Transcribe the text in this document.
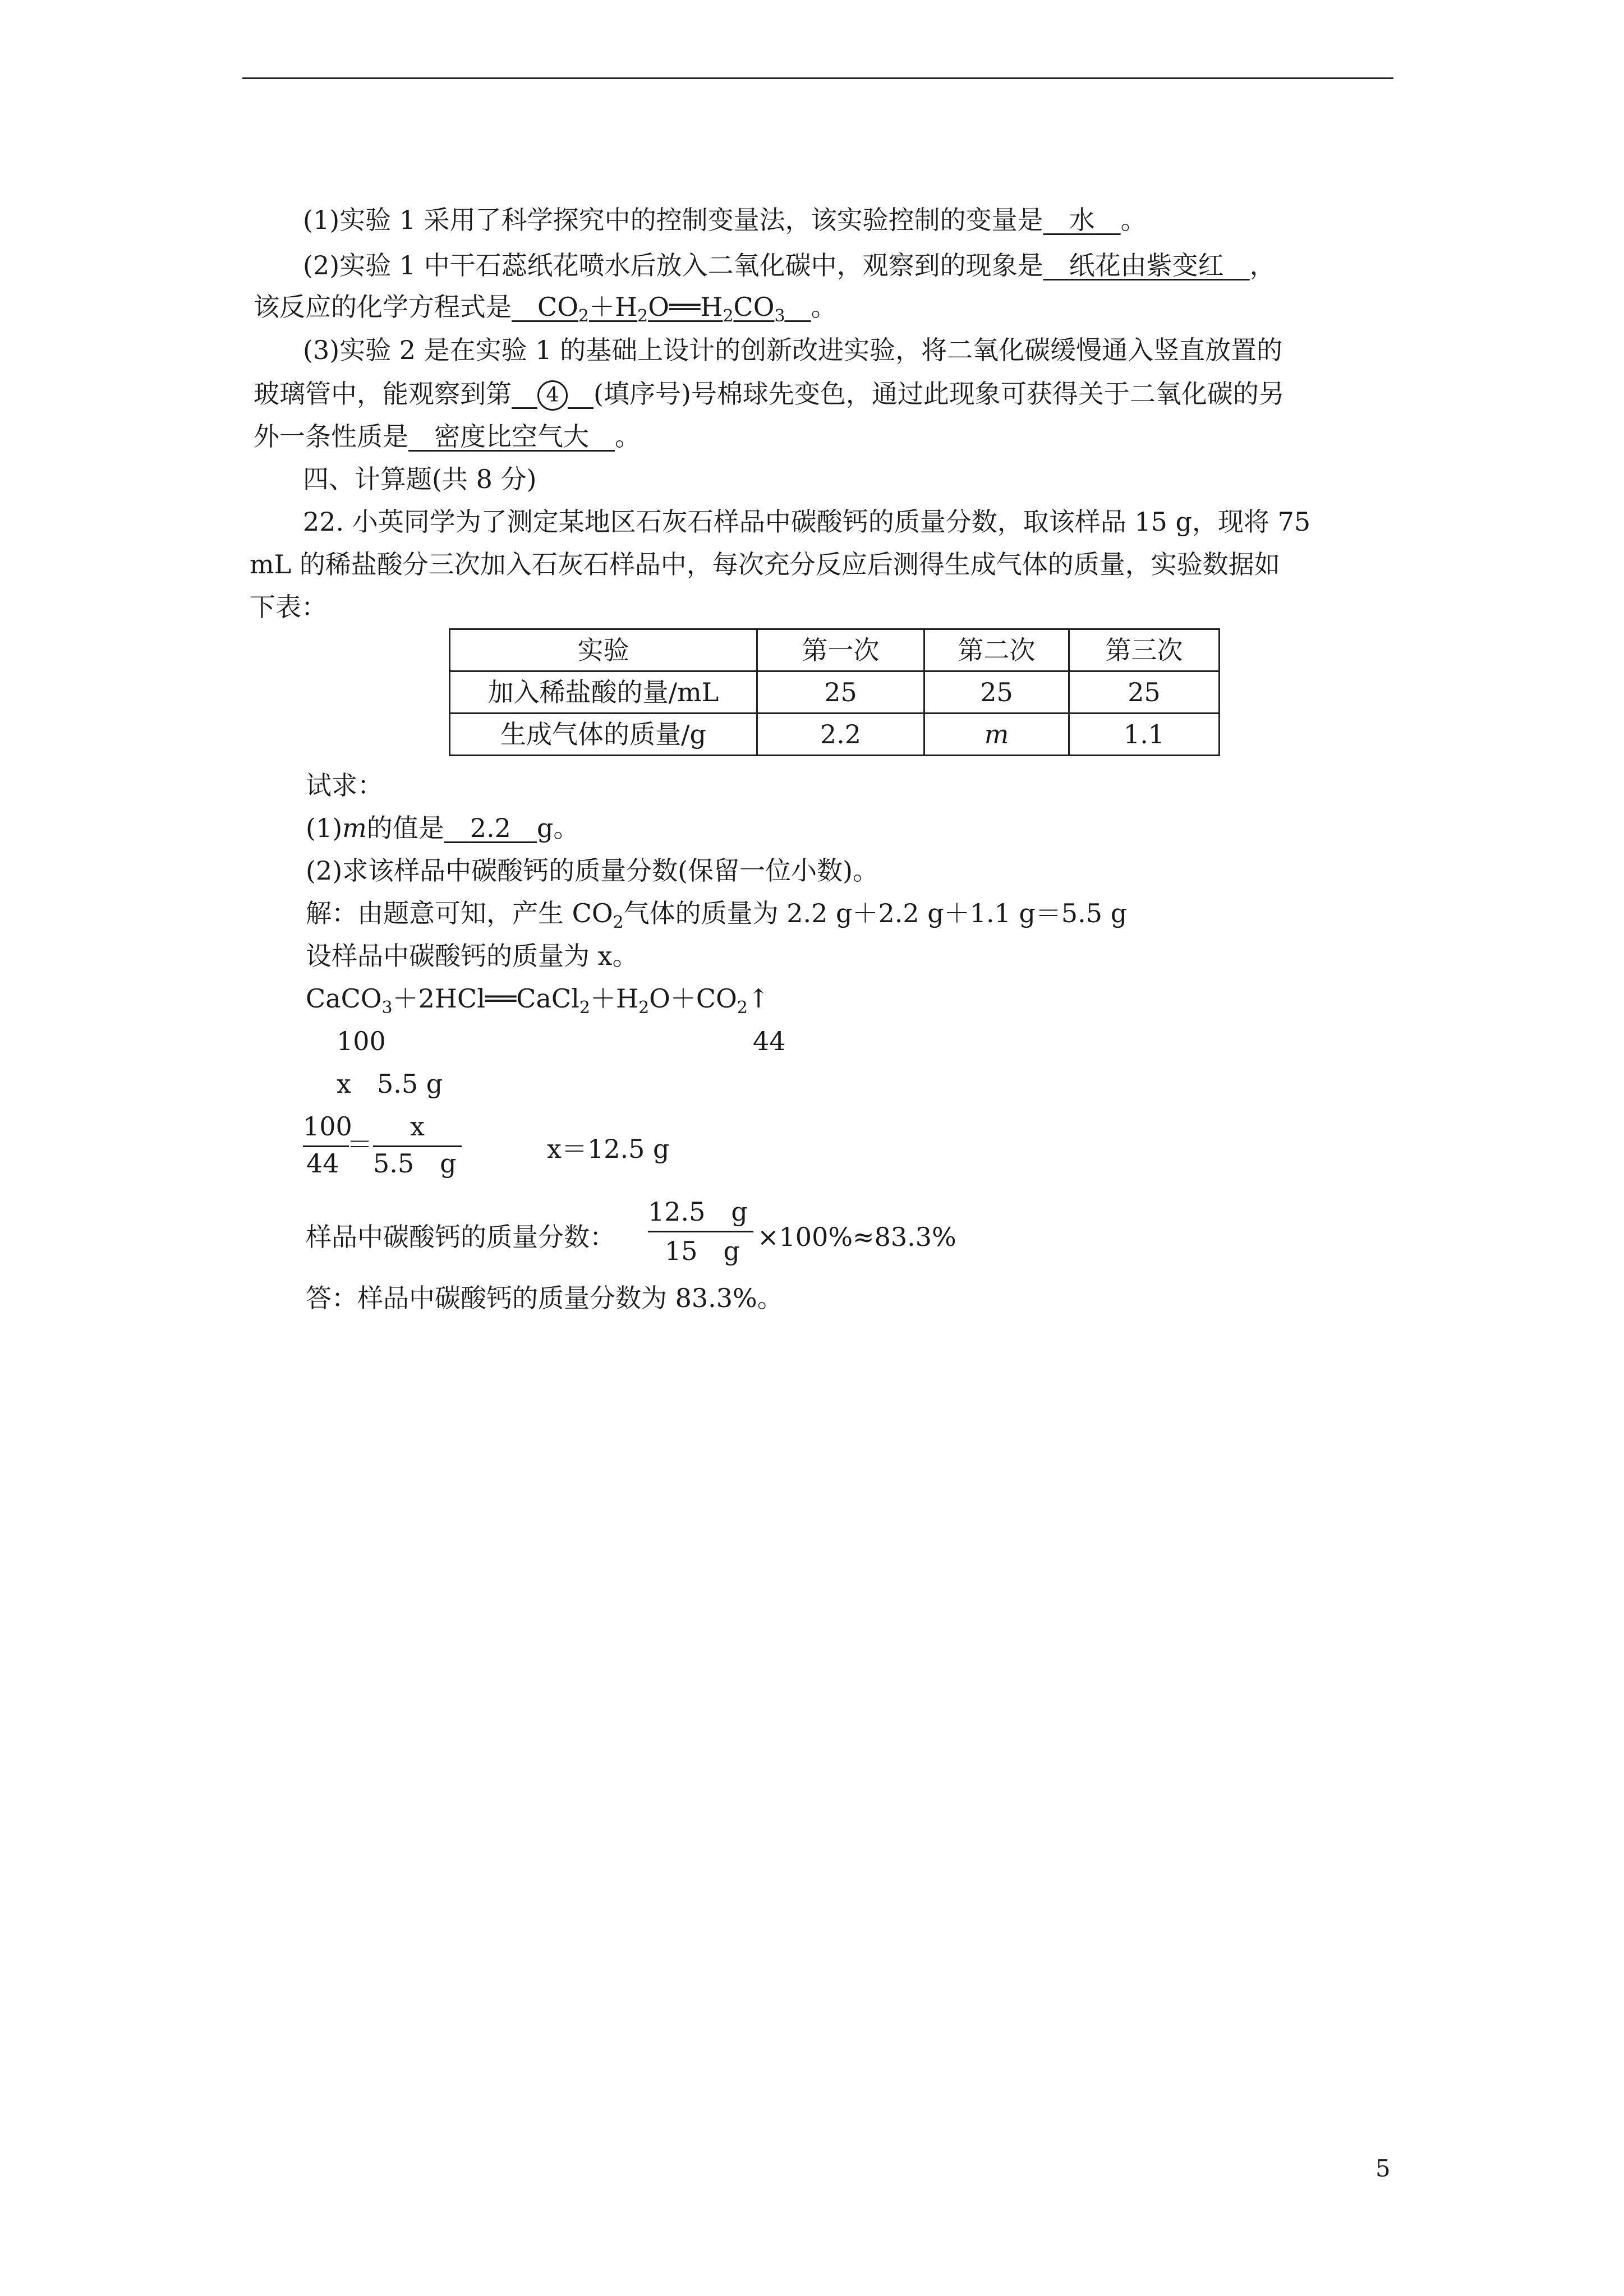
(1)实验 1 采用了科学探究中的控制变量法，该实验控制的变量是　 水　 。
(2)实验 1 中干石蕊纸花喷水后放入二氧化碳中，观察到的现象是　 纸花由紫变红　 ，
该反应的化学方程式是　 $CO_2+H_2O══H_2CO_3$　 。
(3)实验 2 是在实验 1 的基础上设计的创新改进实验，将二氧化碳缓慢通入竖直放置的
玻璃管中，能观察到第　 4　 (填序号)号棉球先变色，通过此现象可获得关于二氧化碳的另
外一条性质是　 密度比空气大　 。
四、计算题(共 8 分)
22. 小英同学为了测定某地区石灰石样品中碳酸钙的质量分数，取该样品 15 g，现将 75
mL 的稀盐酸分三次加入石灰石样品中，每次充分反应后测得生成气体的质量，实验数据如
下表：
实验	第一次	第二次	第三次
加入稀盐酸的量/mL	25	25	25
生成气体的质量/g	2.2	m	1.1
试求：
(1)m的值是　 2.2　 g。
(2)求该样品中碳酸钙的质量分数(保留一位小数)。
解：由题意可知，产生 $CO_2$气体的质量为 2.2 g＋2.2 g＋1.1 g＝5.5 g
设样品中碳酸钙的质量为 x。
$CaCO_3+2HCl══CaCl_2+H_2O+CO_2↑$
100	44
x 5.5 g
100
44
＝
x
5.5　g	x＝12.5 g
样品中碳酸钙的质量分数：
12.5　g
15　g ×100%≈83.3%
答：样品中碳酸钙的质量分数为 83.3%。
5
